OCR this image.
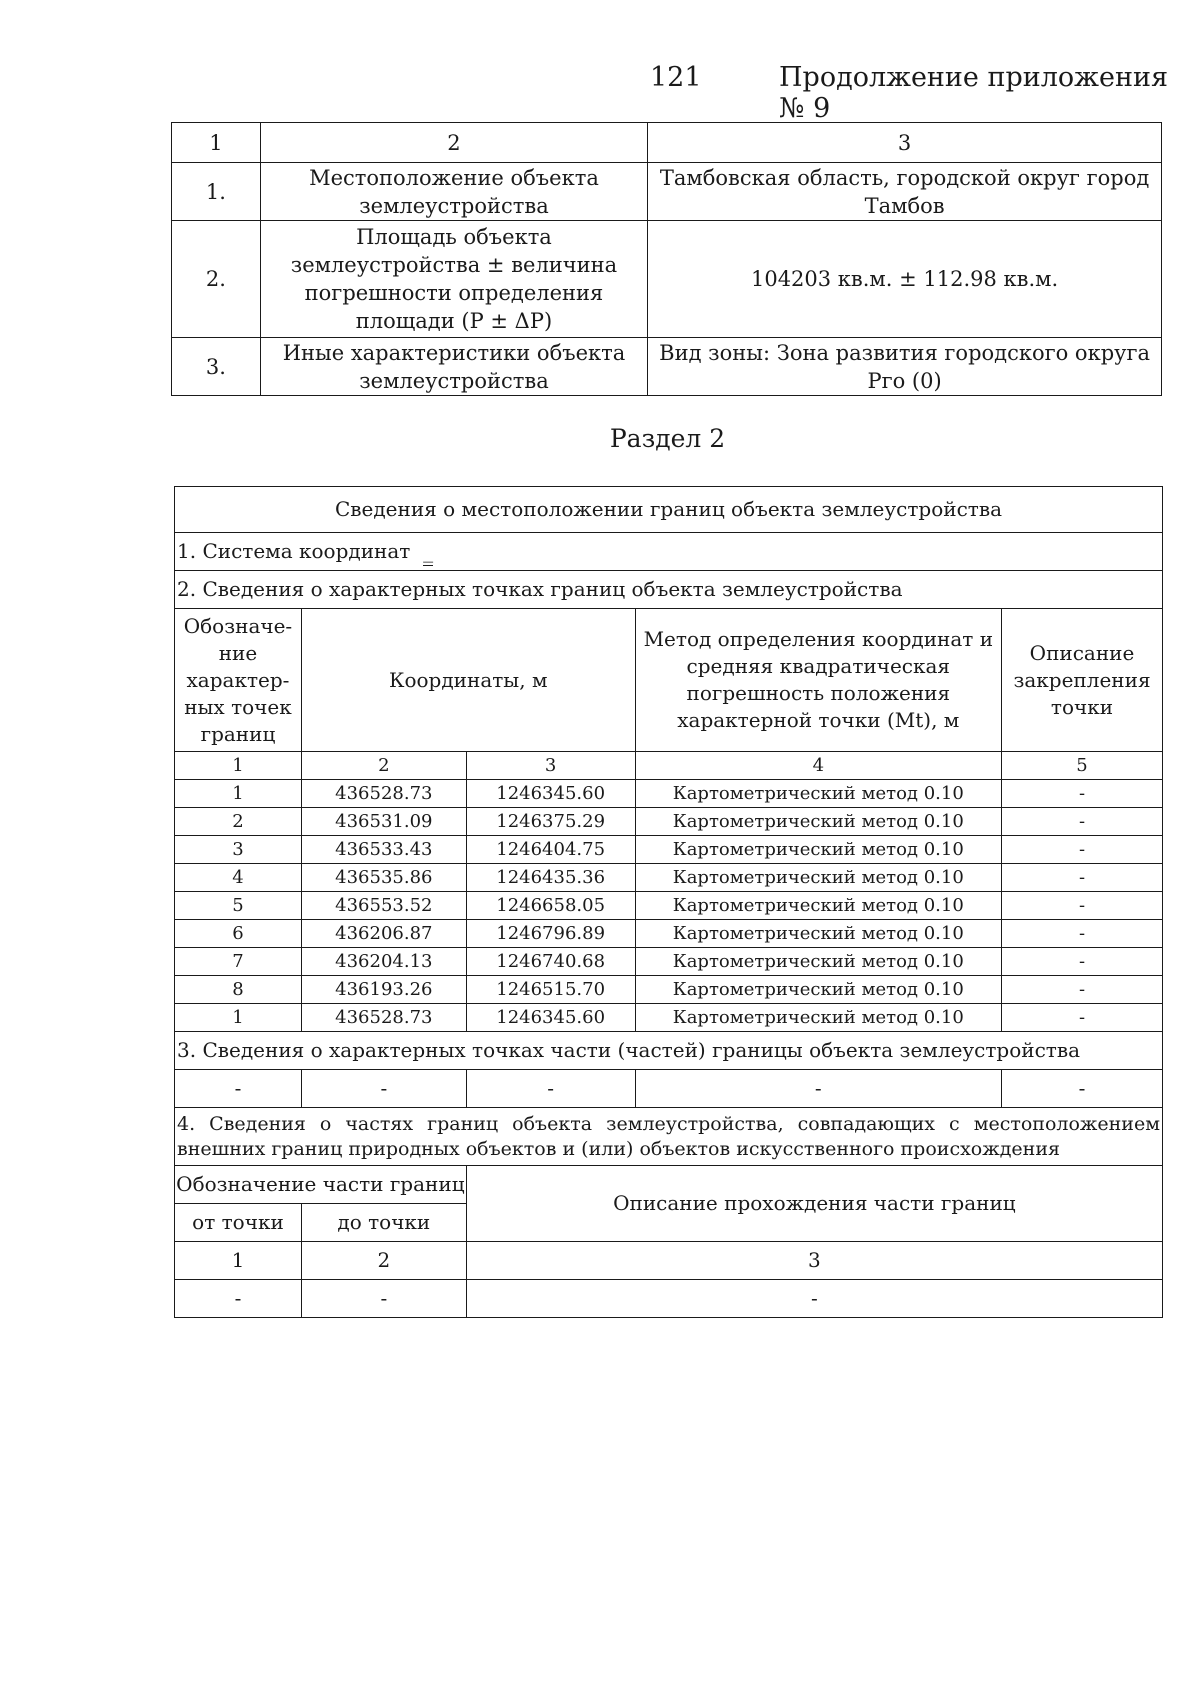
121	Продолжение приложения № 9
1	2	3
1.	Местоположение объекта землеустройства	Тамбовская область, городской округ город Тамбов
2.	Площадь объекта землеустройства ± величина погрешности определения площади (P ± ΔP)	104203 кв.м. ± 112.98 кв.м.
3.	Иные характеристики объекта землеустройства	Вид зоны: Зона развития городского округа Рго (0)
Раздел 2
Сведения о местоположении границ объекта землеустройства				
1. Система координат _				
2. Сведения о характерных точках границ объекта землеустройства				
Обозначе-ние характер-ных точек границ	Координаты, м		Метод определения координат и средняя квадратическая погрешность положения характерной точки (Mt), м	Описание закрепления точки
1	2	3	4	5
1	436528.73	1246345.60	Картометрический метод 0.10	-
2	436531.09	1246375.29	Картометрический метод 0.10	-
3	436533.43	1246404.75	Картометрический метод 0.10	-
4	436535.86	1246435.36	Картометрический метод 0.10	-
5	436553.52	1246658.05	Картометрический метод 0.10	-
6	436206.87	1246796.89	Картометрический метод 0.10	-
7	436204.13	1246740.68	Картометрический метод 0.10	-
8	436193.26	1246515.70	Картометрический метод 0.10	-
1	436528.73	1246345.60	Картометрический метод 0.10	-
3. Сведения о характерных точках части (частей) границы объекта землеустройства				
-	-	-	-	-
4. Сведения о частях границ объекта землеустройства, совпадающих с местоположением внешних границ природных объектов и (или) объектов искусственного происхождения				
Обозначение части границ		Описание прохождения части границ		
от точки	до точки			
1	2	3		
-	-	-		
